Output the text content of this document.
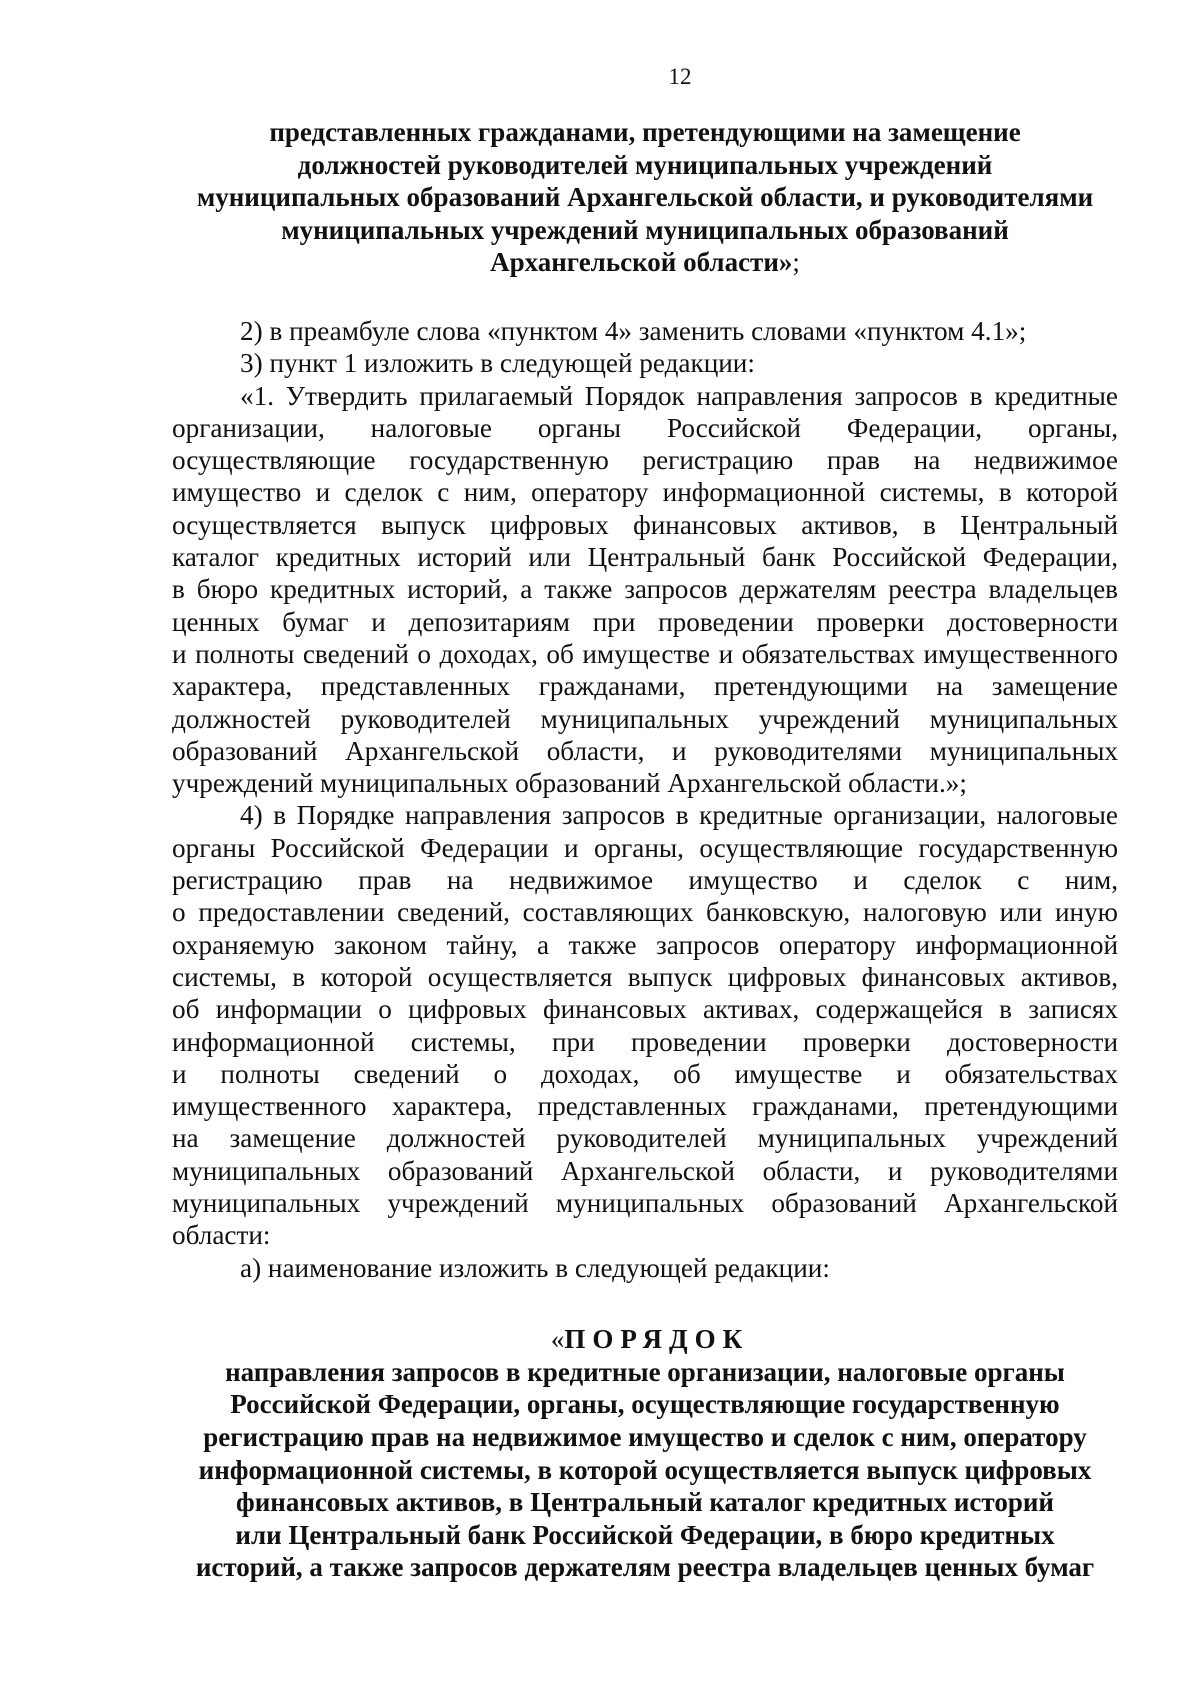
12
представленных гражданами, претендующими на замещение
должностей руководителей муниципальных учреждений
муниципальных образований Архангельской области, и руководителями
муниципальных учреждений муниципальных образований
Архангельской области»;

2) в преамбуле слова «пунктом 4» заменить словами «пунктом 4.1»;

3) пункт 1 изложить в следующей редакции:

«1. Утвердить прилагаемый Порядок направления запросов в кредитные
организации, налоговые органы Российской Федерации, органы,
осуществляющие государственную регистрацию прав на недвижимое
имущество и сделок с ним, оператору информационной системы, в которой
осуществляется выпуск цифровых финансовых активов, в Центральный
каталог кредитных историй или Центральный банк Российской Федерации,
в бюро кредитных историй, а также запросов держателям реестра владельцев
ценных бумаг и депозитариям при проведении проверки достоверности
и полноты сведений о доходах, об имуществе и обязательствах имущественного
характера, представленных гражданами, претендующими на замещение
должностей руководителей муниципальных учреждений муниципальных
образований Архангельской области, и руководителями муниципальных
учреждений муниципальных образований Архангельской области.»;
4) в Порядке направления запросов в кредитные организации, налоговые
органы Российской Федерации и органы, осуществляющие государственную
регистрацию прав на недвижимое имущество и сделок с ним,
о предоставлении сведений, составляющих банковскую, налоговую или иную
охраняемую законом тайну, а также запросов оператору информационной
системы, в которой осуществляется выпуск цифровых финансовых активов,
об информации о цифровых финансовых активах, содержащейся в записях
информационной системы, при проведении проверки достоверности
и полноты сведений о доходах, об имуществе и обязательствах
имущественного характера, представленных гражданами, претендующими
на замещение должностей руководителей муниципальных учреждений
муниципальных образований Архангельской области, и руководителями
муниципальных учреждений муниципальных образований Архангельской
области:

а) наименование изложить в следующей редакции:

«ПОРЯДОК
направления запросов в кредитные организации, налоговые органы
Российской Федерации, органы, осуществляющие государственную
регистрацию прав на недвижимое имущество и сделок с ним, оператору
информационной системы, в которой осуществляется выпуск цифровых
финансовых активов, в Центральный каталог кредитных историй
или Центральный банк Российской Федерации, в бюро кредитных
историй, а также запросов держателям реестра владельцев ценных бумаг
